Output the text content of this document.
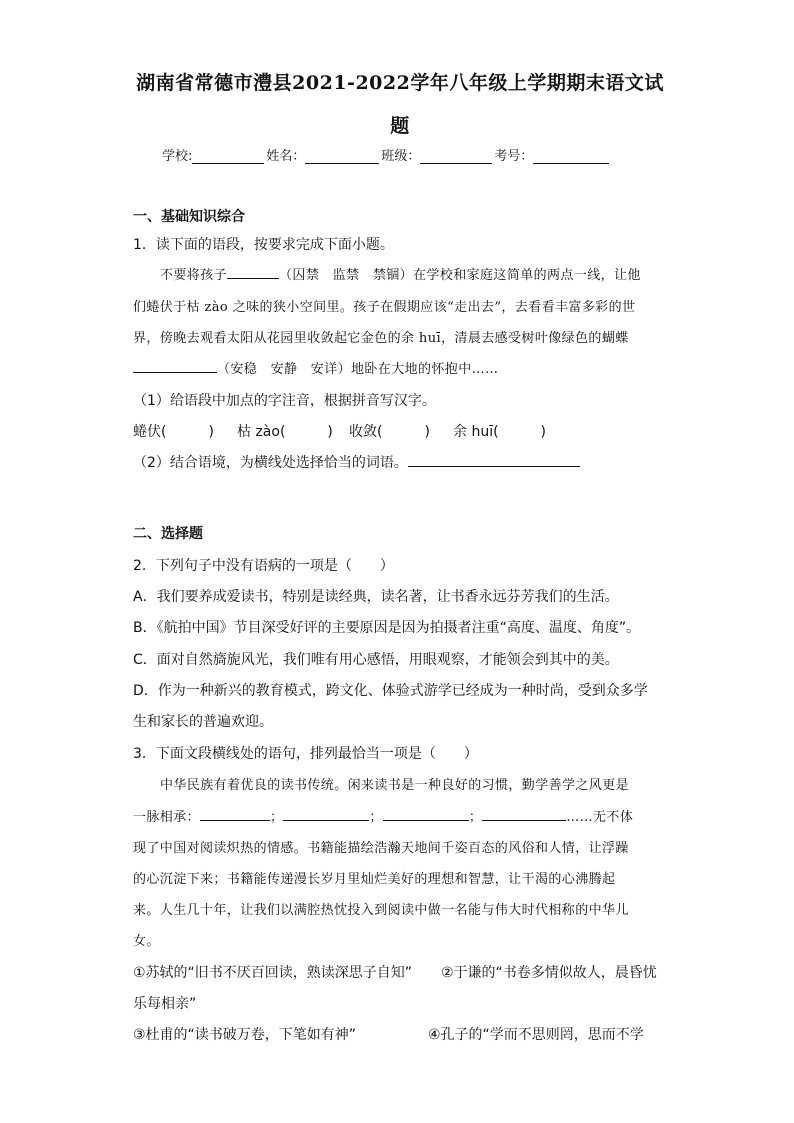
湖南省常德市澧县2021-2022学年八年级上学期期末语文试
题
学校:	姓名：	班级：	考号：
一、基础知识综合
1．读下面的语段，按要求完成下面小题。
不要将孩子	（囚禁　监禁　禁锢）在学校和家庭这简单的两点一线，让他
们蜷伏于枯 zào 之味的狭小空间里。孩子在假期应该“走出去”，去看看丰富多彩的世
界，傍晚去观看太阳从花园里收敛起它金色的余 huī，清晨去感受树叶像绿色的蝴蝶
（安稳　安静　安详）地卧在大地的怀抱中……
（1）给语段中加点的字注音，根据拼音写汉字。
蜷伏(　　　) 枯 zào(　　　) 收敛(　　　) 余 huī(　　　)
（2）结合语境，为横线处选择恰当的词语。
二、选择题
2．下列句子中没有语病的一项是（　　）
A．我们要养成爱读书，特别是读经典，读名著，让书香永远芬芳我们的生活。
B．《航拍中国》节目深受好评的主要原因是因为拍摄者注重“高度、温度、角度”。
C．面对自然旖旎风光，我们唯有用心感悟，用眼观察，才能领会到其中的美。
D．作为一种新兴的教育模式，跨文化、体验式游学已经成为一种时尚，受到众多学
生和家长的普遍欢迎。
3．下面文段横线处的语句，排列最恰当一项是（　　）
中华民族有着优良的读书传统。闲来读书是一种良好的习惯，勤学善学之风更是
一脉相承：	；	；	；	……无不体
现了中国对阅读炽热的情感。书籍能描绘浩瀚天地间千姿百态的风俗和人情，让浮躁
的心沉淀下来；书籍能传递漫长岁月里灿烂美好的理想和智慧，让干渴的心沸腾起
来。人生几十年，让我们以满腔热忱投入到阅读中做一名能与伟大时代相称的中华儿
女。
①苏轼的“旧书不厌百回读，熟读深思子自知” ②于谦的“书卷多情似故人，晨昏忧
乐每相亲”
③杜甫的“读书破万卷，下笔如有神”	④孔子的“学而不思则罔，思而不学
